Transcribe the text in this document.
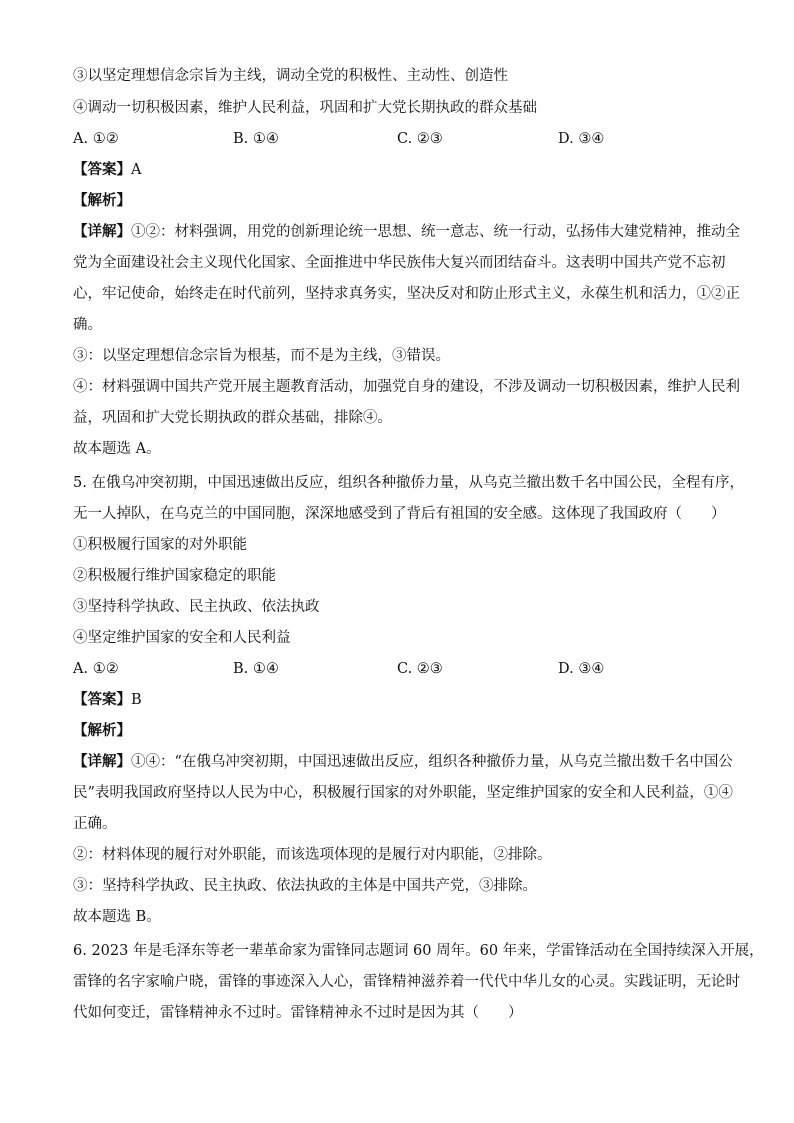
③以坚定理想信念宗旨为主线，调动全党的积极性、主动性、创造性
④调动一切积极因素，维护人民利益，巩固和扩大党长期执政的群众基础
A. ①②	B. ①④	C. ②③	D. ③④
【答案】A
【解析】
【详解】①②：材料强调，用党的创新理论统一思想、统一意志、统一行动，弘扬伟大建党精神，推动全
党为全面建设社会主义现代化国家、全面推进中华民族伟大复兴而团结奋斗。这表明中国共产党不忘初
心，牢记使命，始终走在时代前列，坚持求真务实，坚决反对和防止形式主义，永葆生机和活力，①②正
确。
③：以坚定理想信念宗旨为根基，而不是为主线，③错误。
④：材料强调中国共产党开展主题教育活动，加强党自身的建设，不涉及调动一切积极因素，维护人民利
益，巩固和扩大党长期执政的群众基础，排除④。
故本题选 A。
5. 在俄乌冲突初期，中国迅速做出反应，组织各种撤侨力量，从乌克兰撤出数千名中国公民，全程有序，
无一人掉队，在乌克兰的中国同胞，深深地感受到了背后有祖国的安全感。这体现了我国政府（　　）
①积极履行国家的对外职能
②积极履行维护国家稳定的职能
③坚持科学执政、民主执政、依法执政
④坚定维护国家的安全和人民利益
A. ①②	B. ①④	C. ②③	D. ③④
【答案】B
【解析】
【详解】①④：“在俄乌冲突初期，中国迅速做出反应，组织各种撤侨力量，从乌克兰撤出数千名中国公
民”表明我国政府坚持以人民为中心，积极履行国家的对外职能，坚定维护国家的安全和人民利益，①④
正确。
②：材料体现的履行对外职能，而该选项体现的是履行对内职能，②排除。
③：坚持科学执政、民主执政、依法执政的主体是中国共产党，③排除。
故本题选 B。
6. 2023 年是毛泽东等老一辈革命家为雷锋同志题词 60 周年。60 年来，学雷锋活动在全国持续深入开展，
雷锋的名字家喻户晓，雷锋的事迹深入人心，雷锋精神滋养着一代代中华儿女的心灵。实践证明，无论时
代如何变迁，雷锋精神永不过时。雷锋精神永不过时是因为其（　　）
